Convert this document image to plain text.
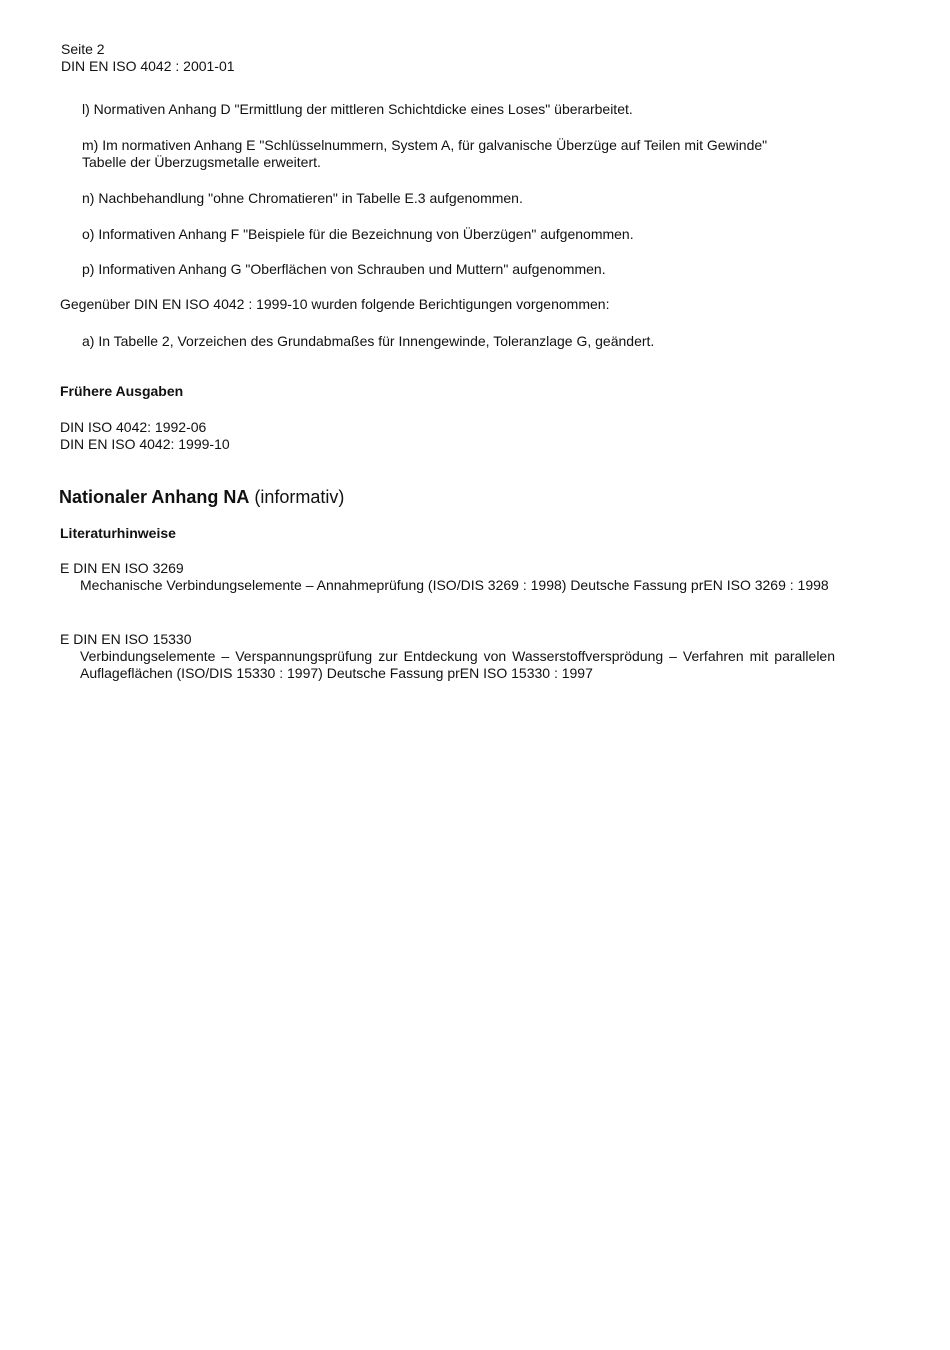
Seite 2
DIN EN ISO 4042 : 2001-01
l) Normativen Anhang D "Ermittlung der mittleren Schichtdicke eines Loses" überarbeitet.
m) Im normativen Anhang E "Schlüsselnummern, System A, für galvanische Überzüge auf Teilen mit Gewinde"
Tabelle der Überzugsmetalle erweitert.
n) Nachbehandlung "ohne Chromatieren" in Tabelle E.3 aufgenommen.
o) Informativen Anhang F "Beispiele für die Bezeichnung von Überzügen" aufgenommen.
p) Informativen Anhang G "Oberflächen von Schrauben und Muttern" aufgenommen.
Gegenüber DIN EN ISO 4042 : 1999-10 wurden folgende Berichtigungen vorgenommen:
a) In Tabelle 2, Vorzeichen des Grundabmaßes für Innengewinde, Toleranzlage G, geändert.
Frühere Ausgaben
DIN ISO 4042: 1992-06
DIN EN ISO 4042: 1999-10
Nationaler Anhang NA (informativ)
Literaturhinweise
E DIN EN ISO 3269
Mechanische Verbindungselemente – Annahmeprüfung (ISO/DIS 3269 : 1998) Deutsche Fassung prEN ISO 3269 : 1998
E DIN EN ISO 15330
Verbindungselemente – Verspannungsprüfung zur Entdeckung von Wasserstoffversprödung – Verfahren mit parallelen Auflageflächen (ISO/DIS 15330 : 1997) Deutsche Fassung prEN ISO 15330 : 1997
